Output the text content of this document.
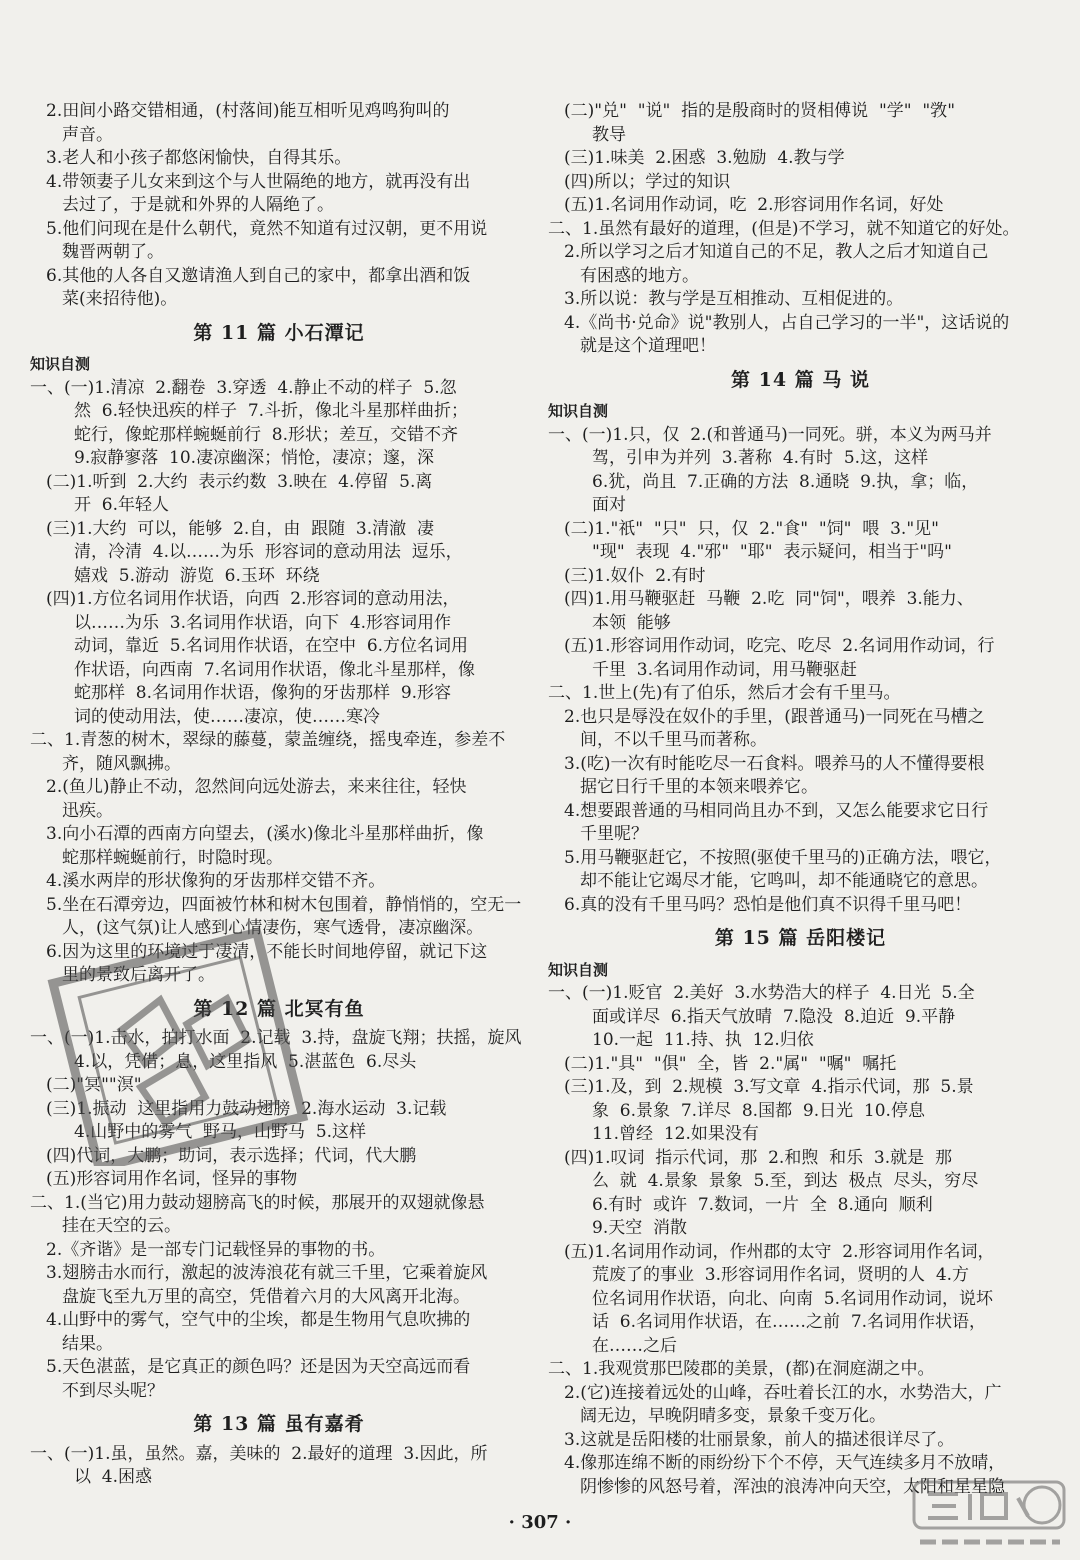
2.田间小路交错相通，(村落间)能互相听见鸡鸣狗叫的
声音。
3.老人和小孩子都悠闲愉快，自得其乐。
4.带领妻子儿女来到这个与人世隔绝的地方，就再没有出
去过了，于是就和外界的人隔绝了。
5.他们问现在是什么朝代，竟然不知道有过汉朝，更不用说
魏晋两朝了。
6.其他的人各自又邀请渔人到自己的家中，都拿出酒和饭
菜(来招待他)。
第 11 篇 小石潭记
知识自测
一、(一)1.清凉  2.翻卷  3.穿透  4.静止不动的样子  5.忽
然  6.轻快迅疾的样子  7.斗折，像北斗星那样曲折；
蛇行，像蛇那样蜿蜒前行  8.形状；差互，交错不齐
9.寂静寥落  10.凄凉幽深；悄怆，凄凉；邃，深
(二)1.听到  2.大约  表示约数  3.映在  4.停留  5.离
开  6.年轻人
(三)1.大约  可以，能够  2.自，由  跟随  3.清澈  凄
清，冷清  4.以……为乐  形容词的意动用法  逗乐，
嬉戏  5.游动  游览  6.玉环  环绕
(四)1.方位名词用作状语，向西  2.形容词的意动用法，
以……为乐  3.名词用作状语，向下  4.形容词用作
动词，靠近  5.名词用作状语，在空中  6.方位名词用
作状语，向西南  7.名词用作状语，像北斗星那样，像
蛇那样  8.名词用作状语，像狗的牙齿那样  9.形容
词的使动用法，使……凄凉，使……寒冷
二、1.青葱的树木，翠绿的藤蔓，蒙盖缠绕，摇曳牵连，参差不
齐，随风飘拂。
2.(鱼儿)静止不动，忽然间向远处游去，来来往往，轻快
迅疾。
3.向小石潭的西南方向望去，(溪水)像北斗星那样曲折，像
蛇那样蜿蜒前行，时隐时现。
4.溪水两岸的形状像狗的牙齿那样交错不齐。
5.坐在石潭旁边，四面被竹林和树木包围着，静悄悄的，空无一
人，(这气氛)让人感到心情凄伤，寒气透骨，凄凉幽深。
6.因为这里的环境过于凄清，不能长时间地停留，就记下这
里的景致后离开了。
第 12 篇 北冥有鱼
一、(一)1.击水，拍打水面  2.记载  3.持，盘旋飞翔；扶摇，旋风
4.以，凭借；息，这里指风  5.湛蓝色  6.尽头
(二)"冥""溟"
(三)1.振动  这里指用力鼓动翅膀  2.海水运动  3.记载
4.山野中的雾气  野马，山野马  5.这样
(四)代词，大鹏；助词，表示选择；代词，代大鹏
(五)形容词用作名词，怪异的事物
二、1.(当它)用力鼓动翅膀高飞的时候，那展开的双翅就像悬
挂在天空的云。
2.《齐谐》是一部专门记载怪异的事物的书。
3.翅膀击水而行，激起的波涛浪花有就三千里，它乘着旋风
盘旋飞至九万里的高空，凭借着六月的大风离开北海。
4.山野中的雾气，空气中的尘埃，都是生物用气息吹拂的
结果。
5.天色湛蓝，是它真正的颜色吗？还是因为天空高远而看
不到尽头呢？
第 13 篇 虽有嘉肴
一、(一)1.虽，虽然。嘉，美味的  2.最好的道理  3.因此，所
以  4.困惑
(二)"兑"  "说"  指的是殷商时的贤相傅说  "学"  "敩"
教导
(三)1.味美  2.困惑  3.勉励  4.教与学
(四)所以；学过的知识
(五)1.名词用作动词，吃  2.形容词用作名词，好处
二、1.虽然有最好的道理，(但是)不学习，就不知道它的好处。
2.所以学习之后才知道自己的不足，教人之后才知道自己
有困惑的地方。
3.所以说：教与学是互相推动、互相促进的。
4.《尚书·兑命》说"教别人，占自己学习的一半"，这话说的
就是这个道理吧！
第 14 篇 马 说
知识自测
一、(一)1.只，仅  2.(和普通马)一同死。骈，本义为两马并
驾，引申为并列  3.著称  4.有时  5.这，这样
6.犹，尚且  7.正确的方法  8.通晓  9.执，拿；临，
面对
(二)1."祇"  "只"  只，仅  2."食"  "饲"  喂  3."见"
"现"  表现  4."邪"  "耶"  表示疑问，相当于"吗"
(三)1.奴仆  2.有时
(四)1.用马鞭驱赶  马鞭  2.吃  同"饲"，喂养  3.能力、
本领  能够
(五)1.形容词用作动词，吃完、吃尽  2.名词用作动词，行
千里  3.名词用作动词，用马鞭驱赶
二、1.世上(先)有了伯乐，然后才会有千里马。
2.也只是辱没在奴仆的手里，(跟普通马)一同死在马槽之
间，不以千里马而著称。
3.(吃)一次有时能吃尽一石食料。喂养马的人不懂得要根
据它日行千里的本领来喂养它。
4.想要跟普通的马相同尚且办不到，又怎么能要求它日行
千里呢？
5.用马鞭驱赶它，不按照(驱使千里马的)正确方法，喂它，
却不能让它竭尽才能，它鸣叫，却不能通晓它的意思。
6.真的没有千里马吗？恐怕是他们真不识得千里马吧！
第 15 篇 岳阳楼记
知识自测
一、(一)1.贬官  2.美好  3.水势浩大的样子  4.日光  5.全
面或详尽  6.指天气放晴  7.隐没  8.迫近  9.平静
10.一起  11.持、执  12.归依
(二)1."具"  "俱"  全，皆  2."属"  "嘱"  嘱托
(三)1.及，到  2.规模  3.写文章  4.指示代词，那  5.景
象  6.景象  7.详尽  8.国都  9.日光  10.停息
11.曾经  12.如果没有
(四)1.叹词  指示代词，那  2.和煦  和乐  3.就是  那
么  就  4.景象  景象  5.至，到达  极点  尽头，穷尽
6.有时  或许  7.数词，一片  全  8.通向  顺利
9.天空  消散
(五)1.名词用作动词，作州郡的太守  2.形容词用作名词，
荒废了的事业  3.形容词用作名词，贤明的人  4.方
位名词用作状语，向北、向南  5.名词用作动词，说坏
话  6.名词用作状语，在……之前  7.名词用作状语，
在……之后
二、1.我观赏那巴陵郡的美景，(都)在洞庭湖之中。
2.(它)连接着远处的山峰，吞吐着长江的水，水势浩大，广
阔无边，早晚阴晴多变，景象千变万化。
3.这就是岳阳楼的壮丽景象，前人的描述很详尽了。
4.像那连绵不断的雨纷纷下个不停，天气连续多月不放晴，
阴惨惨的风怒号着，浑浊的浪涛冲向天空，太阳和星星隐
· 307 ·
